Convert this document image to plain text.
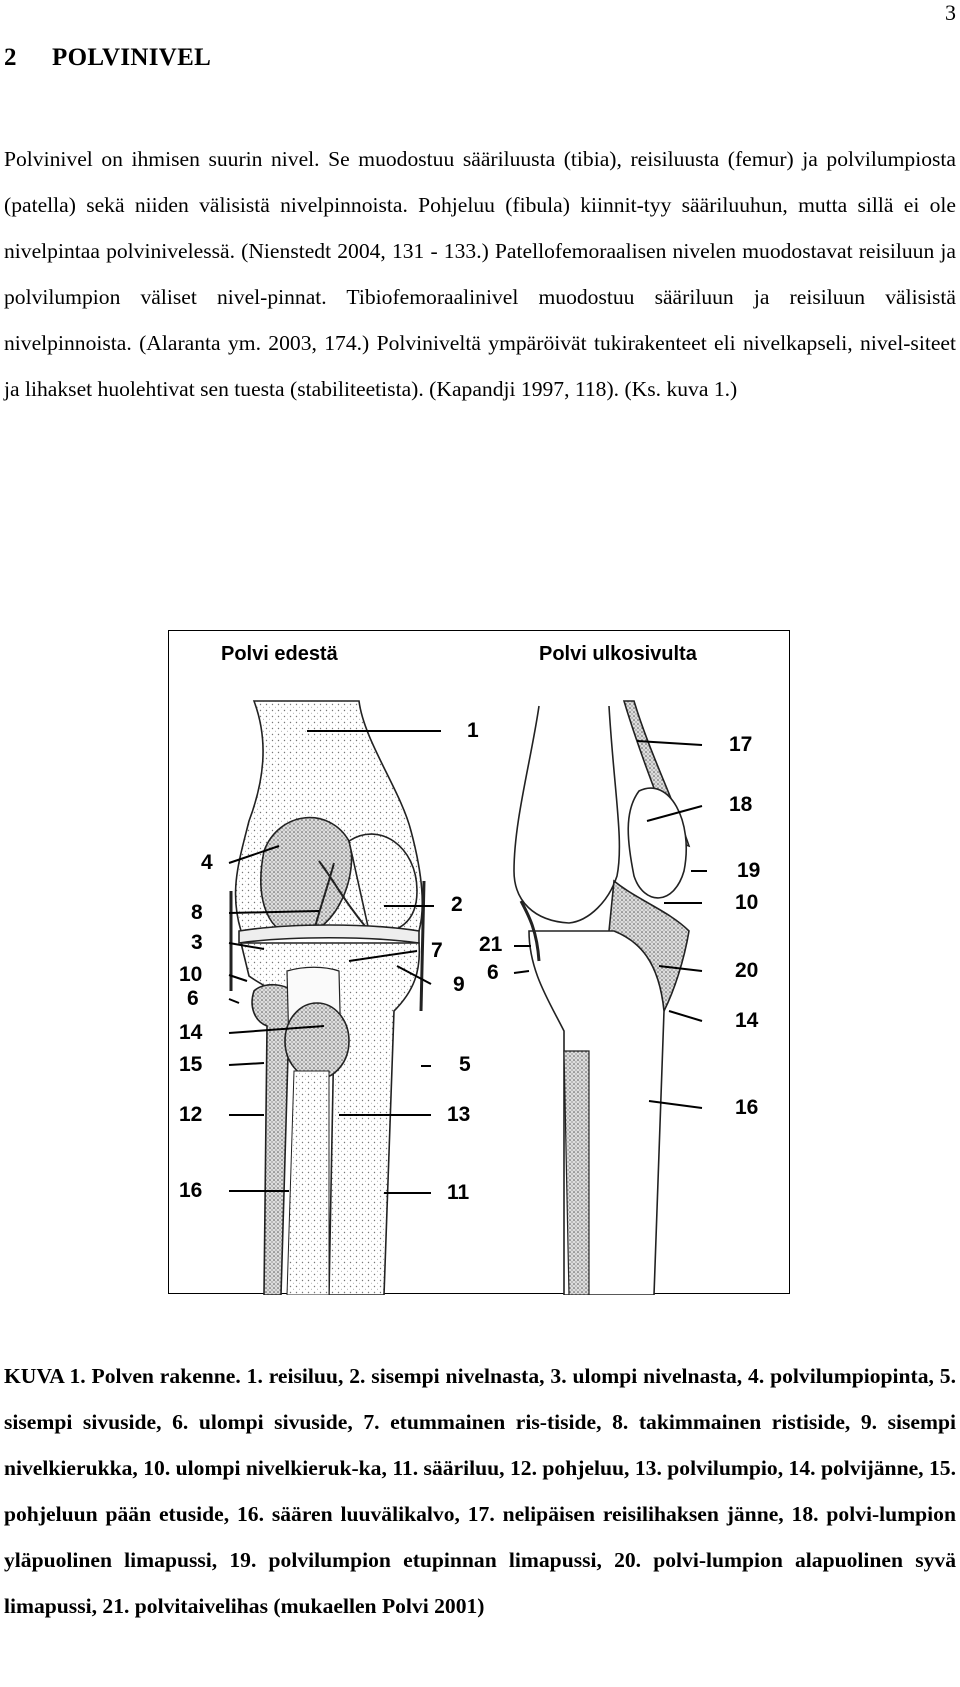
3
2 POLVINIVEL

Polvinivel on ihmisen suurin nivel. Se muodostuu sääriluusta (tibia), reisiluusta (femur) ja polvilumpiosta (patella) sekä niiden välisistä nivelpinnoista. Pohjeluu (fibula) kiinnit-tyy sääriluuhun, mutta sillä ei ole nivelpintaa polvinivelessä. (Nienstedt 2004, 131 - 133.) Patellofemoraalisen nivelen muodostavat reisiluun ja polvilumpion väliset nivel-pinnat. Tibiofemoraalinivel muodostuu sääriluun ja reisiluun välisistä nivelpinnoista. (Alaranta ym. 2003, 174.) Polviniveltä ympäröivät tukirakenteet eli nivelkapseli, nivel-siteet ja lihakset huolehtivat sen tuesta (stabiliteetista). (Kapandji 1997, 118). (Ks. kuva 1.)

Polvi edestä	Polvi ulkosivulta
1
4
2
8
3	7
10	9
6
14
5
15
12	13
16	11
17
18
19
10
21
20
6
14
16

KUVA 1. Polven rakenne. 1. reisiluu, 2. sisempi nivelnasta, 3. ulompi nivelnasta, 4. polvilumpiopinta, 5. sisempi sivuside, 6. ulompi sivuside, 7. etummainen ris-tiside, 8. takimmainen ristiside, 9. sisempi nivelkierukka, 10. ulompi nivelkieruk-ka, 11. sääriluu, 12. pohjeluu, 13. polvilumpio, 14. polvijänne, 15. pohjeluun pään etuside, 16. säären luuvälikalvo, 17. nelipäisen reisilihaksen jänne, 18. polvi-lumpion yläpuolinen limapussi, 19. polvilumpion etupinnan limapussi, 20. polvi-lumpion alapuolinen syvä limapussi, 21. polvitaivelihas (mukaellen Polvi 2001)
